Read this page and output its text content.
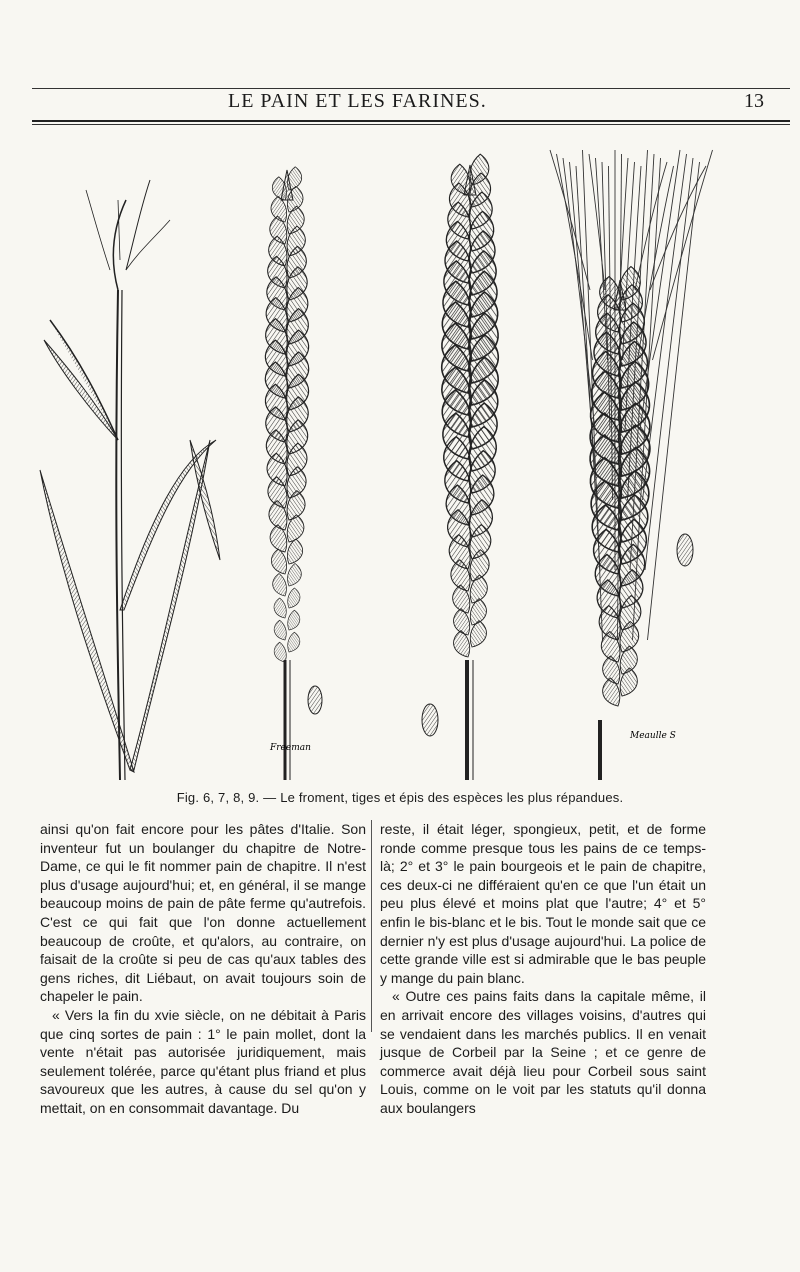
LE PAIN ET LES FARINES.	13
Freeman
Meaulle S
Fig. 6, 7, 8, 9. — Le froment, tiges et épis des espèces les plus répandues.

ainsi qu'on fait encore pour les pâtes d'Italie. Son inventeur fut un boulanger du chapitre de Notre-Dame, ce qui le fit nommer pain de chapitre. Il n'est plus d'usage aujourd'hui; et, en général, il se mange beaucoup moins de pain de pâte ferme qu'autrefois. C'est ce qui fait que l'on donne actuellement beaucoup de croûte, et qu'alors, au contraire, on faisait de la croûte si peu de cas qu'aux tables des gens riches, dit Liébaut, on avait toujours soin de chapeler le pain.

« Vers la fin du xvie siècle, on ne débitait à Paris que cinq sortes de pain : 1° le pain mollet, dont la vente n'était pas autorisée juridiquement, mais seulement tolérée, parce qu'étant plus friand et plus savoureux que les autres, à cause du sel qu'on y mettait, on en consommait davantage. Du

reste, il était léger, spongieux, petit, et de forme ronde comme presque tous les pains de ce temps-là; 2° et 3° le pain bourgeois et le pain de chapitre, ces deux-ci ne différaient qu'en ce que l'un était un peu plus élevé et moins plat que l'autre; 4° et 5° enfin le bis-blanc et le bis. Tout le monde sait que ce dernier n'y est plus d'usage aujourd'hui. La police de cette grande ville est si admirable que le bas peuple y mange du pain blanc.

« Outre ces pains faits dans la capitale même, il en arrivait encore des villages voisins, d'autres qui se vendaient dans les marchés publics. Il en venait jusque de Corbeil par la Seine ; et ce genre de commerce avait déjà lieu pour Corbeil sous saint Louis, comme on le voit par les statuts qu'il donna aux boulangers
